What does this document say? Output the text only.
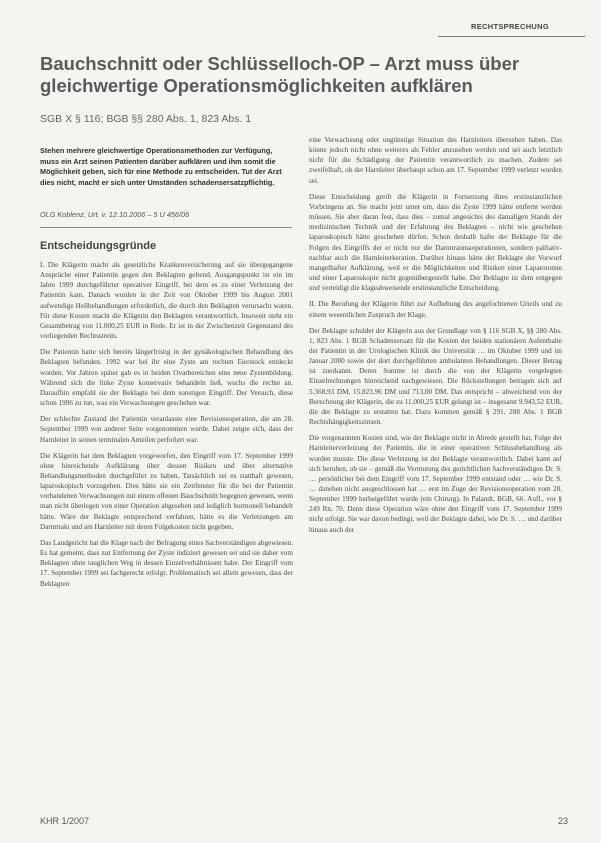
RECHTSPRECHUNG
Bauchschnitt oder Schlüsselloch-OP – Arzt muss über gleichwertige Operationsmöglichkeiten aufklären
SGB X § 116; BGB §§ 280 Abs. 1, 823 Abs. 1

Stehen mehrere gleichwertige Operationsmethoden zur Verfügung, muss ein Arzt seinen Patienten darüber aufklären und ihm somit die Möglichkeit geben, sich für eine Methode zu entscheiden. Tut der Arzt dies nicht, macht er sich unter Umständen schadensersatzpflichtig.

OLG Koblenz, Urt. v. 12.10.2006 – 5 U 456/06
Entscheidungsgründe

I. Die Klägerin macht als gesetzliche Krankenversicherung auf sie übergegangene Ansprüche einer Patientin gegen den Beklagten geltend. Ausgangspunkt ist ein im Jahre 1999 durchgeführter operativer Eingriff, bei dem es zu einer Verletzung der Patientin kam. Danach wurden in der Zeit von Oktober 1999 bis August 2001 aufwendige Heilbehandlungen erforderlich, die durch den Beklagten verursacht waren. Für diese Kosten macht die Klägerin den Beklagten verantwortlich. Insoweit steht ein Gesamtbetrag von 11.000,25 EUR in Rede. Er ist in der Zwischenzeit Gegenstand des vorliegenden Rechtsstreits.

Die Patientin hatte sich bereits längerfristig in der gynäkologischen Behandlung des Beklagten befunden. 1992 war bei ihr eine Zyste am rechten Eierstock entdeckt worden. Vor Jahren später gab es in beiden Ovarbereichen eine neue Zystenbildung. Während sich die linke Zyste konservativ behandeln ließ, wuchs die rechte an. Daraufhin empfahl sie der Beklagte bei dem sonstigen Eingriff. Der Versuch, diese schon 1996 zu tun, was ein Verwachsungen geschehen war.

Der schlechte Zustand der Patientin veranlasste eine Revisionsoperation, die am 28. September 1999 von anderer Seite vorgenommen wurde. Dabei zeigte sich, dass der Harnleiter in seinen terminalen Anteilen perforiert war.

Die Klägerin hat dem Beklagten vorgeworfen, den Eingriff vom 17. September 1999 ohne hinreichende Aufklärung über dessen Risiken und über alternative Behandlungsmethoden durchgeführt zu haben. Tatsächlich sei es statthaft gewesen, laparoskopisch vorzugehen. Dies hätte sie ein Zeitfenster für die bei der Patientin vorhandenen Verwachsungen mit einem offenen Bauchschnitt begegnen gewesen, wenn man nicht überlegen von einer Operation abgesehen und lediglich hormonell behandelt hätte. Wäre der Beklagte entsprechend verfahren, hätte es die Verletzungen am Darmtrakt und am Harnleiter mit deren Folgekosten nicht gegeben.

Das Landgericht hat die Klage nach der Befragung eines Sachverständigen abgewiesen. Es hat gemeint, dass zur Entfernung der Zyste indiziert gewesen sei und sie daher vom Beklagten ohne tauglichen Weg in dessen Einzelverhältnissen habe. Der Eingriff vom 17. September 1999 sei fachgerecht erfolgt. Problematisch sei allein gewesen, dass der Beklagten

eine Verwachsung oder ungünstige Situation des Harnleiters übersehen haben. Das könne jedoch nicht ohne weiteres als Fehler anzusehen werden und sei auch letztlich nicht für die Schädigung der Patientin verantwortlich zu machen. Zudem sei zweifelhaft, ob der Harnleiter überhaupt schon am 17. September 1999 verletzt worden sei.

Diese Entscheidung greift die Klägerin in Fortsetzung ihres erstinstanzlichen Vorbringens an. Sie macht jetzt unter um, dass die Zyste 1999 hätte entfernt werden müssen. Sie aber daran fest, dass dies – zumal angesichts des damaligen Stands der medizinischen Technik und der Erfahrung des Beklagten – nicht wie geschehen laparoskopisch hätte geschehen dürfen. Schon deshalb hafte der Beklagte für die Folgen des Eingriffs der er nicht nur die Darmtraumaoperationen, sondern palliativ-nachbar auch die Harnleiterkeration. Darüber hinaus hätte der Beklagte der Vorwurf mangelhafter Aufklärung, weil er die Möglichkeiten und Risiken einer Laparotomie und einer Laparoskopie nicht gegenübergestellt habe. Der Beklagte ist dem entgegen und verteidigt die klageabweisende erstinstanzliche Entscheidung.

II. Die Berufung der Klägerin führt zur Aufhebung des angefochtenen Urteils und zu einem wesentlichen Zuspruch der Klage.

Der Beklagte schuldet der Klägerin aus der Grundlage von § 116 SGB X, §§ 280 Abs. 1, 823 Abs. 1 BGB Schadensersatz für die Kosten der beiden stationären Aufenthalte der Patientin in der Urologischen Klinik der Universität … im Oktober 1999 und im Januar 2000 sowie der dort durchgeführten ambulanten Behandlungen. Dieser Betrag ist zuerkannt. Deren Summe ist durch die von der Klägerin vorgelegten Einzelrechnungen hinreichend nachgewiesen. Die Rückstellungen betragen sich auf 5.368,93 DM, 15.823,96 DM und 713,00 DM. Das entspricht – abweichend von der Berechnung der Klägerin, die zu 11.000,25 EUR gelangt ist – insgesamt 9.943,52 EUR, die der Beklagte zu erstatten hat. Dazu kommen gemäß § 291, 288 Abs. 1 BGB Rechtshängigkeitszinsen.

Die vorgenannten Kosten sind, wie der Beklagte nicht in Abrede gestellt hat, Folge der Harnleiterverletzung der Patientin, die in einer operativen Schlussbehandlung als worden musste. Die diese Verletzung ist der Beklagte verantwortlich. Dabei kann auf sich beruhen, ob sie – gemäß die Vermutung des gerichtlichen Sachverständigen Dr. S. … persönlicher bei dem Eingriff vom 17. September 1999 entstand oder … wie Dr. S. … daneben nicht ausgeschlossen hat … erst im Zuge der Revisionsoperation vom 28. September 1999 herbeigeführt wurde (ein Chirurg). In Palandt, BGB, 66. Aufl., vor § 249 Rn. 70. Denn diese Operation wäre ohne den Eingriff vom 17. September 1999 nicht erfolgt. Sie war davon bedingt, weil der Beklagte dabei, wie Dr. S. … und darüber hinaus auch der

KHR 1/2007	23
